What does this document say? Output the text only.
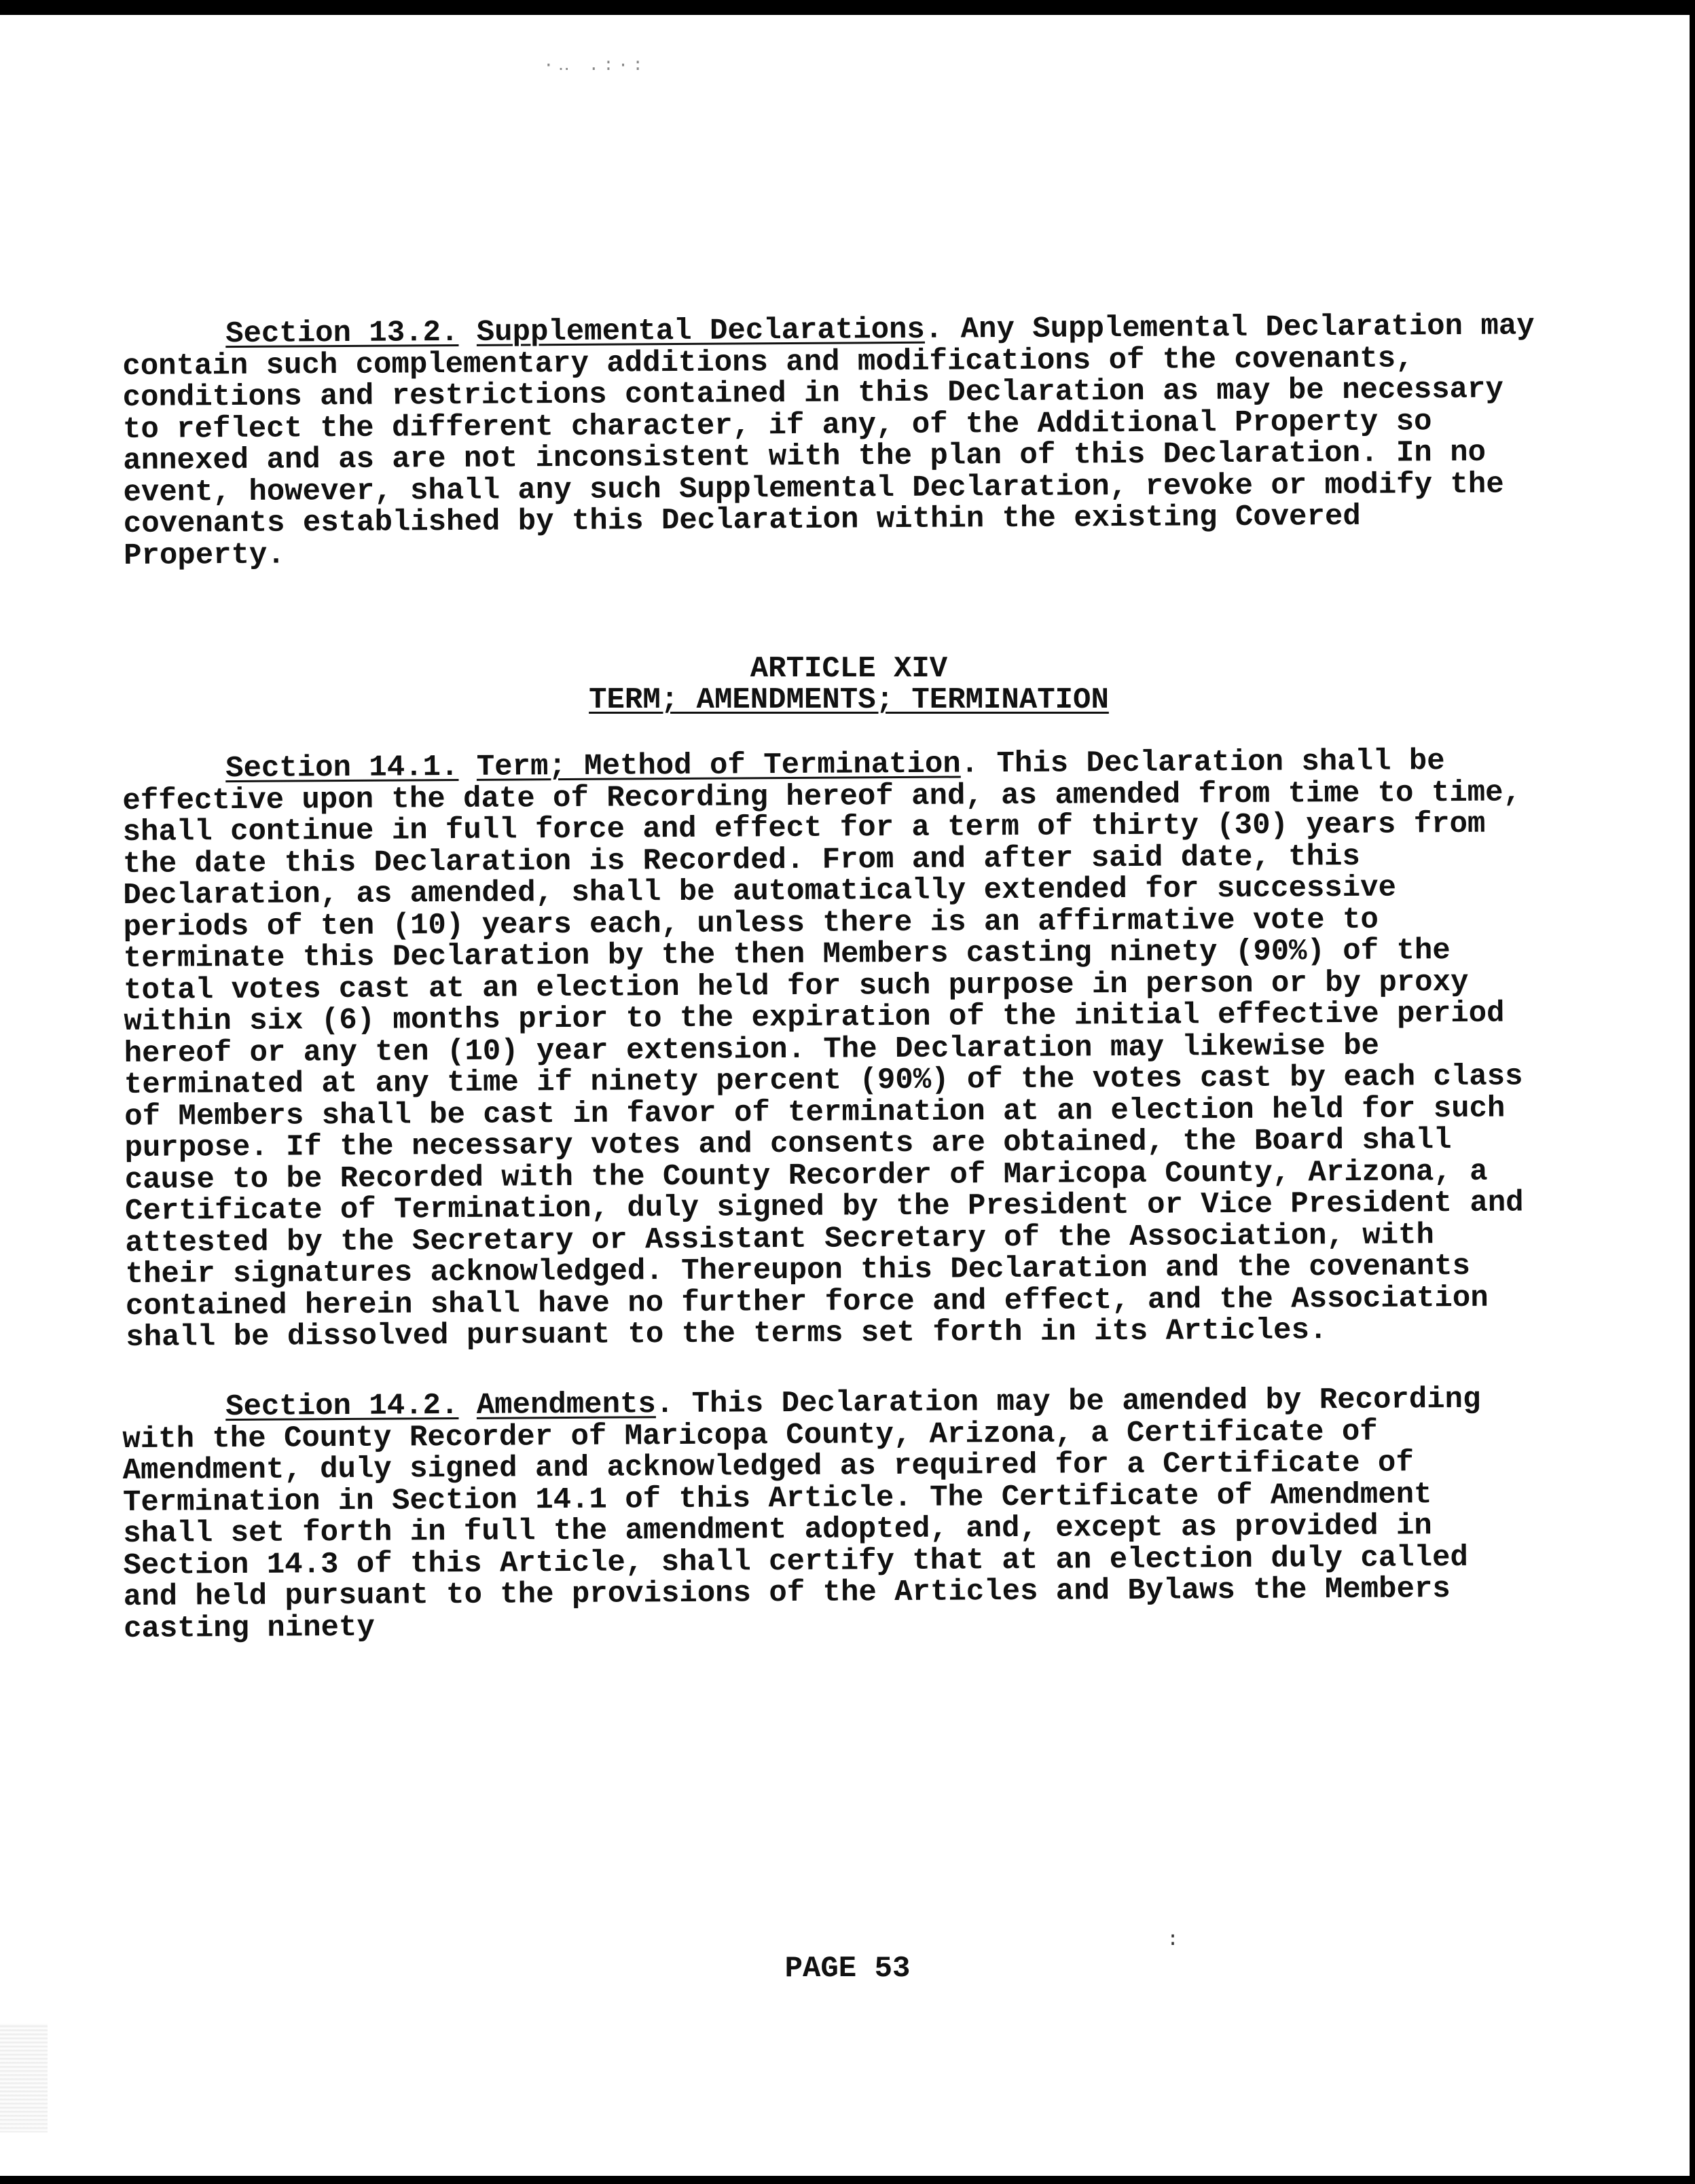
▾
·‥ .:·:

Section 13.2. Supplemental Declarations. Any Supplemental Declaration may contain such complementary additions and modifications of the covenants, conditions and restrictions contained in this Declaration as may be necessary to reflect the different character, if any, of the Additional Property so annexed and as are not inconsistent with the plan of this Declaration. In no event, however, shall any such Supplemental Declaration, revoke or modify the covenants established by this Declaration within the existing Covered Property.

ARTICLE XIV
TERM; AMENDMENTS; TERMINATION

Section 14.1. Term; Method of Termination. This Declaration shall be effective upon the date of Recording hereof and, as amended from time to time, shall continue in full force and effect for a term of thirty (30) years from the date this Declaration is Recorded. From and after said date, this Declaration, as amended, shall be automatically extended for successive periods of ten (10) years each, unless there is an affirmative vote to terminate this Declaration by the then Members casting ninety (90%) of the total votes cast at an election held for such purpose in person or by proxy within six (6) months prior to the expiration of the initial effective period hereof or any ten (10) year extension. The Declaration may likewise be terminated at any time if ninety percent (90%) of the votes cast by each class of Members shall be cast in favor of termination at an election held for such purpose. If the necessary votes and consents are obtained, the Board shall cause to be Recorded with the County Recorder of Maricopa County, Arizona, a Certificate of Termination, duly signed by the President or Vice President and attested by the Secretary or Assistant Secretary of the Association, with their signatures acknowledged. Thereupon this Declaration and the covenants contained herein shall have no further force and effect, and the Association shall be dissolved pursuant to the terms set forth in its Articles.

Section 14.2. Amendments. This Declaration may be amended by Recording with the County Recorder of Maricopa County, Arizona, a Certificate of Amendment, duly signed and acknowledged as required for a Certificate of Termination in Section 14.1 of this Article. The Certificate of Amendment shall set forth in full the amendment adopted, and, except as provided in Section 14.3 of this Article, shall certify that at an election duly called and held pursuant to the provisions of the Articles and Bylaws the Members casting ninety

:
PAGE 53
